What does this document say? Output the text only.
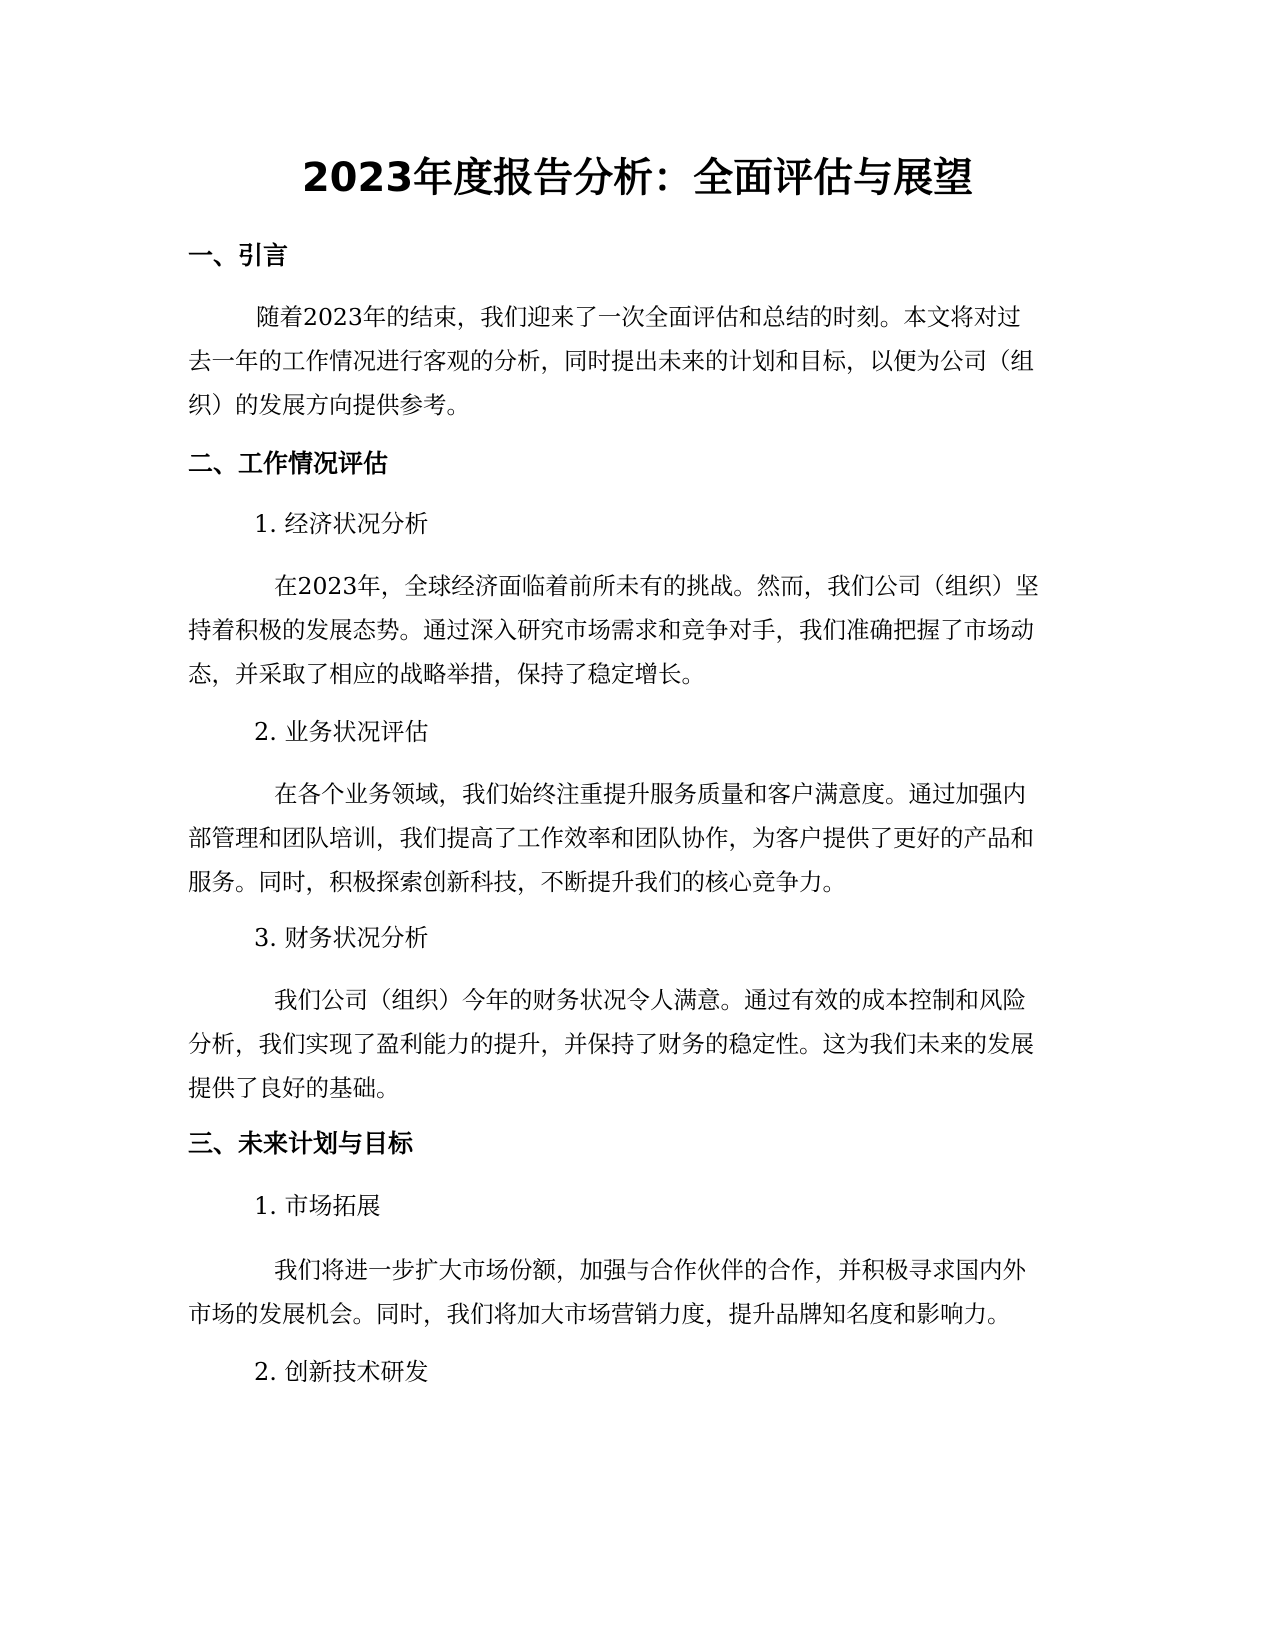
2023年度报告分析：全面评估与展望
一、引言
随着2023年的结束，我们迎来了一次全面评估和总结的时刻。本文将对过
去一年的工作情况进行客观的分析，同时提出未来的计划和目标，以便为公司（组
织）的发展方向提供参考。
二、工作情况评估
1. 经济状况分析
在2023年，全球经济面临着前所未有的挑战。然而，我们公司（组织）坚
持着积极的发展态势。通过深入研究市场需求和竞争对手，我们准确把握了市场动
态，并采取了相应的战略举措，保持了稳定增长。
2. 业务状况评估
在各个业务领域，我们始终注重提升服务质量和客户满意度。通过加强内
部管理和团队培训，我们提高了工作效率和团队协作，为客户提供了更好的产品和
服务。同时，积极探索创新科技，不断提升我们的核心竞争力。
3. 财务状况分析
我们公司（组织）今年的财务状况令人满意。通过有效的成本控制和风险
分析，我们实现了盈利能力的提升，并保持了财务的稳定性。这为我们未来的发展
提供了良好的基础。
三、未来计划与目标
1. 市场拓展
我们将进一步扩大市场份额，加强与合作伙伴的合作，并积极寻求国内外
市场的发展机会。同时，我们将加大市场营销力度，提升品牌知名度和影响力。
2. 创新技术研发
